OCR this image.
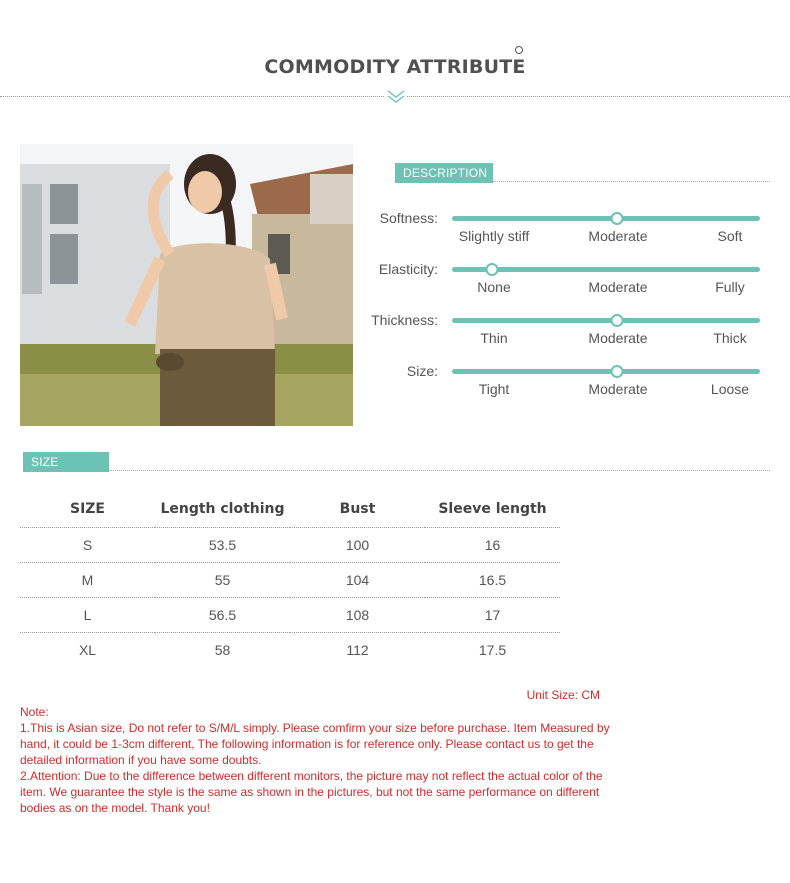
COMMODITY ATTRIBUTE
DESCRIPTION
Softness:
Slightly stiff	Moderate	Soft
Elasticity:
None	Moderate	Fully
Thickness:
Thin	Moderate	Thick
Size:
Tight	Moderate	Loose
SIZE FILTER
SIZE	Length clothing	Bust	Sleeve length
S	53.5	100	16
M	55	104	16.5
L	56.5	108	17
XL	58	112	17.5
Unit Size: CM
Note:
1.This is Asian size, Do not refer to S/M/L simply. Please comfirm your size before purchase. Item Measured by hand, it could be 1-3cm different, The following information is for reference only. Please contact us to get the detailed information if you have some doubts.
2.Attention: Due to the difference between different monitors, the picture may not reflect the actual color of the item. We guarantee the style is the same as shown in the pictures, but not the same performance on different bodies as on the model. Thank you!
